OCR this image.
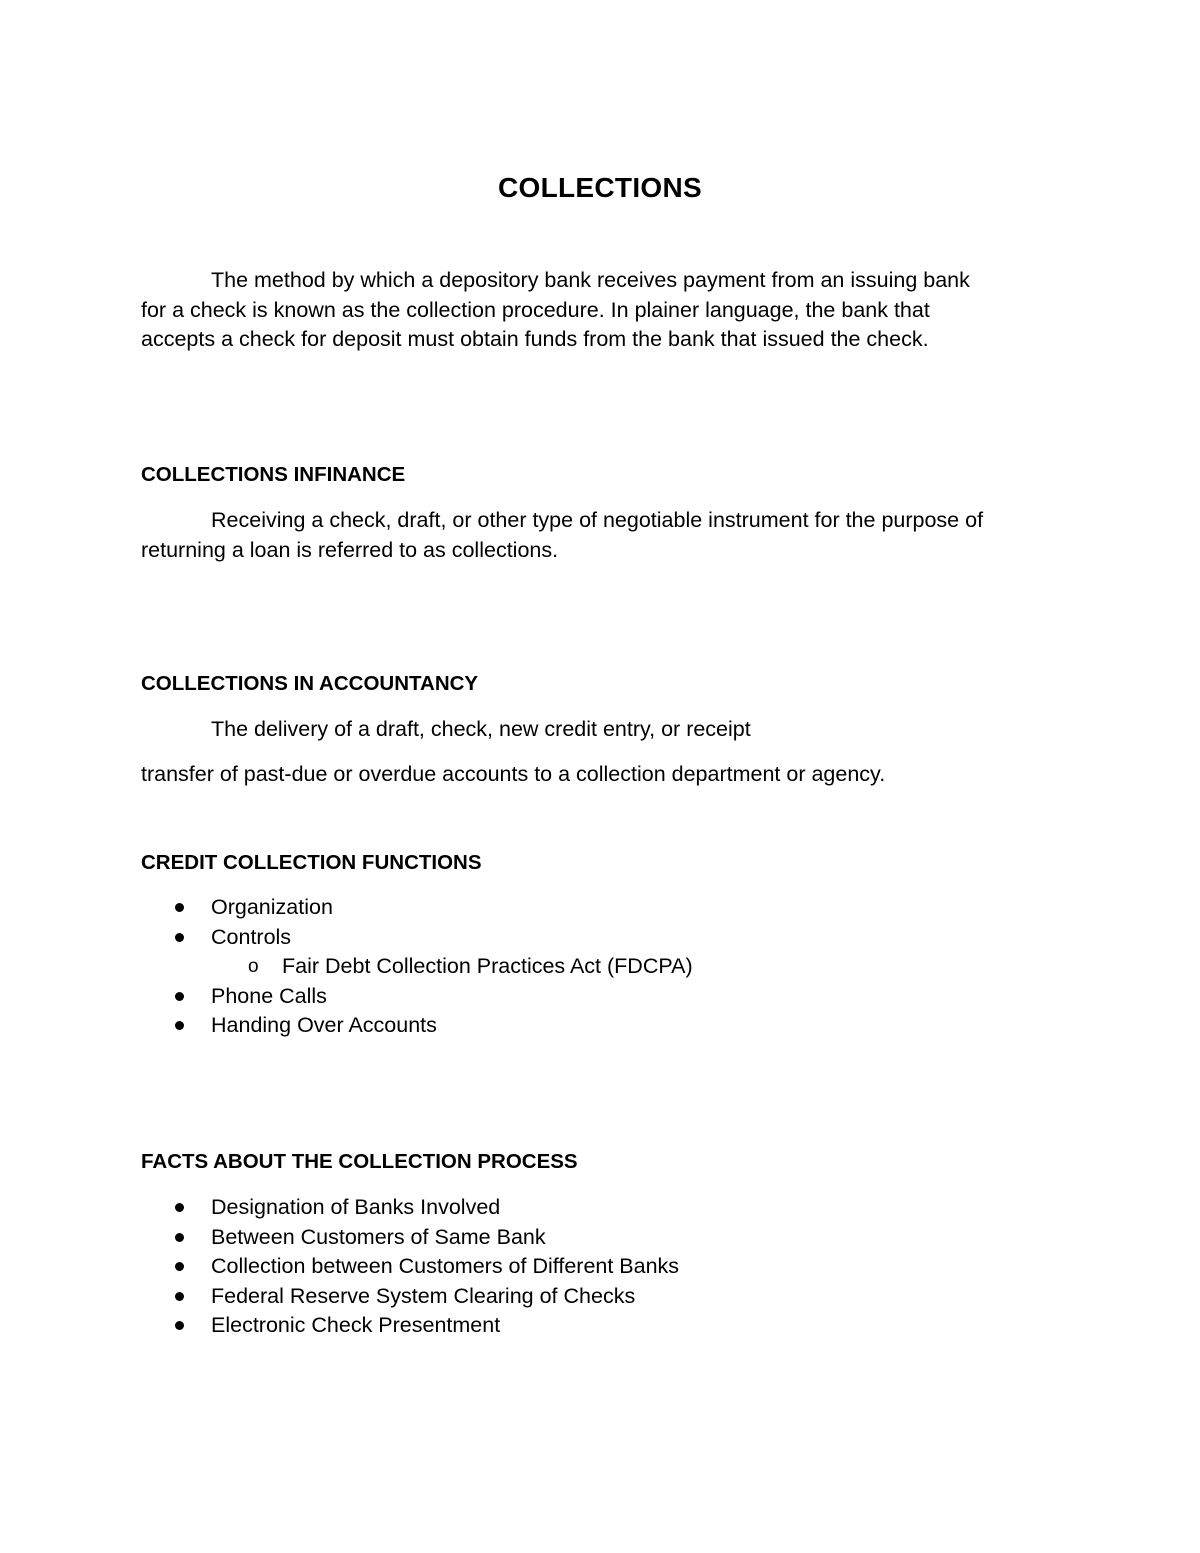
COLLECTIONS
The method by which a depository bank receives payment from an issuing bank
for a check is known as the collection procedure. In plainer language, the bank that
accepts a check for deposit must obtain funds from the bank that issued the check.
COLLECTIONS INFINANCE
Receiving a check, draft, or other type of negotiable instrument for the purpose of
returning a loan is referred to as collections.
COLLECTIONS IN ACCOUNTANCY
The delivery of a draft, check, new credit entry, or receipt
transfer of past-due or overdue accounts to a collection department or agency.
CREDIT COLLECTION FUNCTIONS
Organization
Controls
o Fair Debt Collection Practices Act (FDCPA)
Phone Calls
Handing Over Accounts
FACTS ABOUT THE COLLECTION PROCESS
Designation of Banks Involved
Between Customers of Same Bank
Collection between Customers of Different Banks
Federal Reserve System Clearing of Checks
Electronic Check Presentment
